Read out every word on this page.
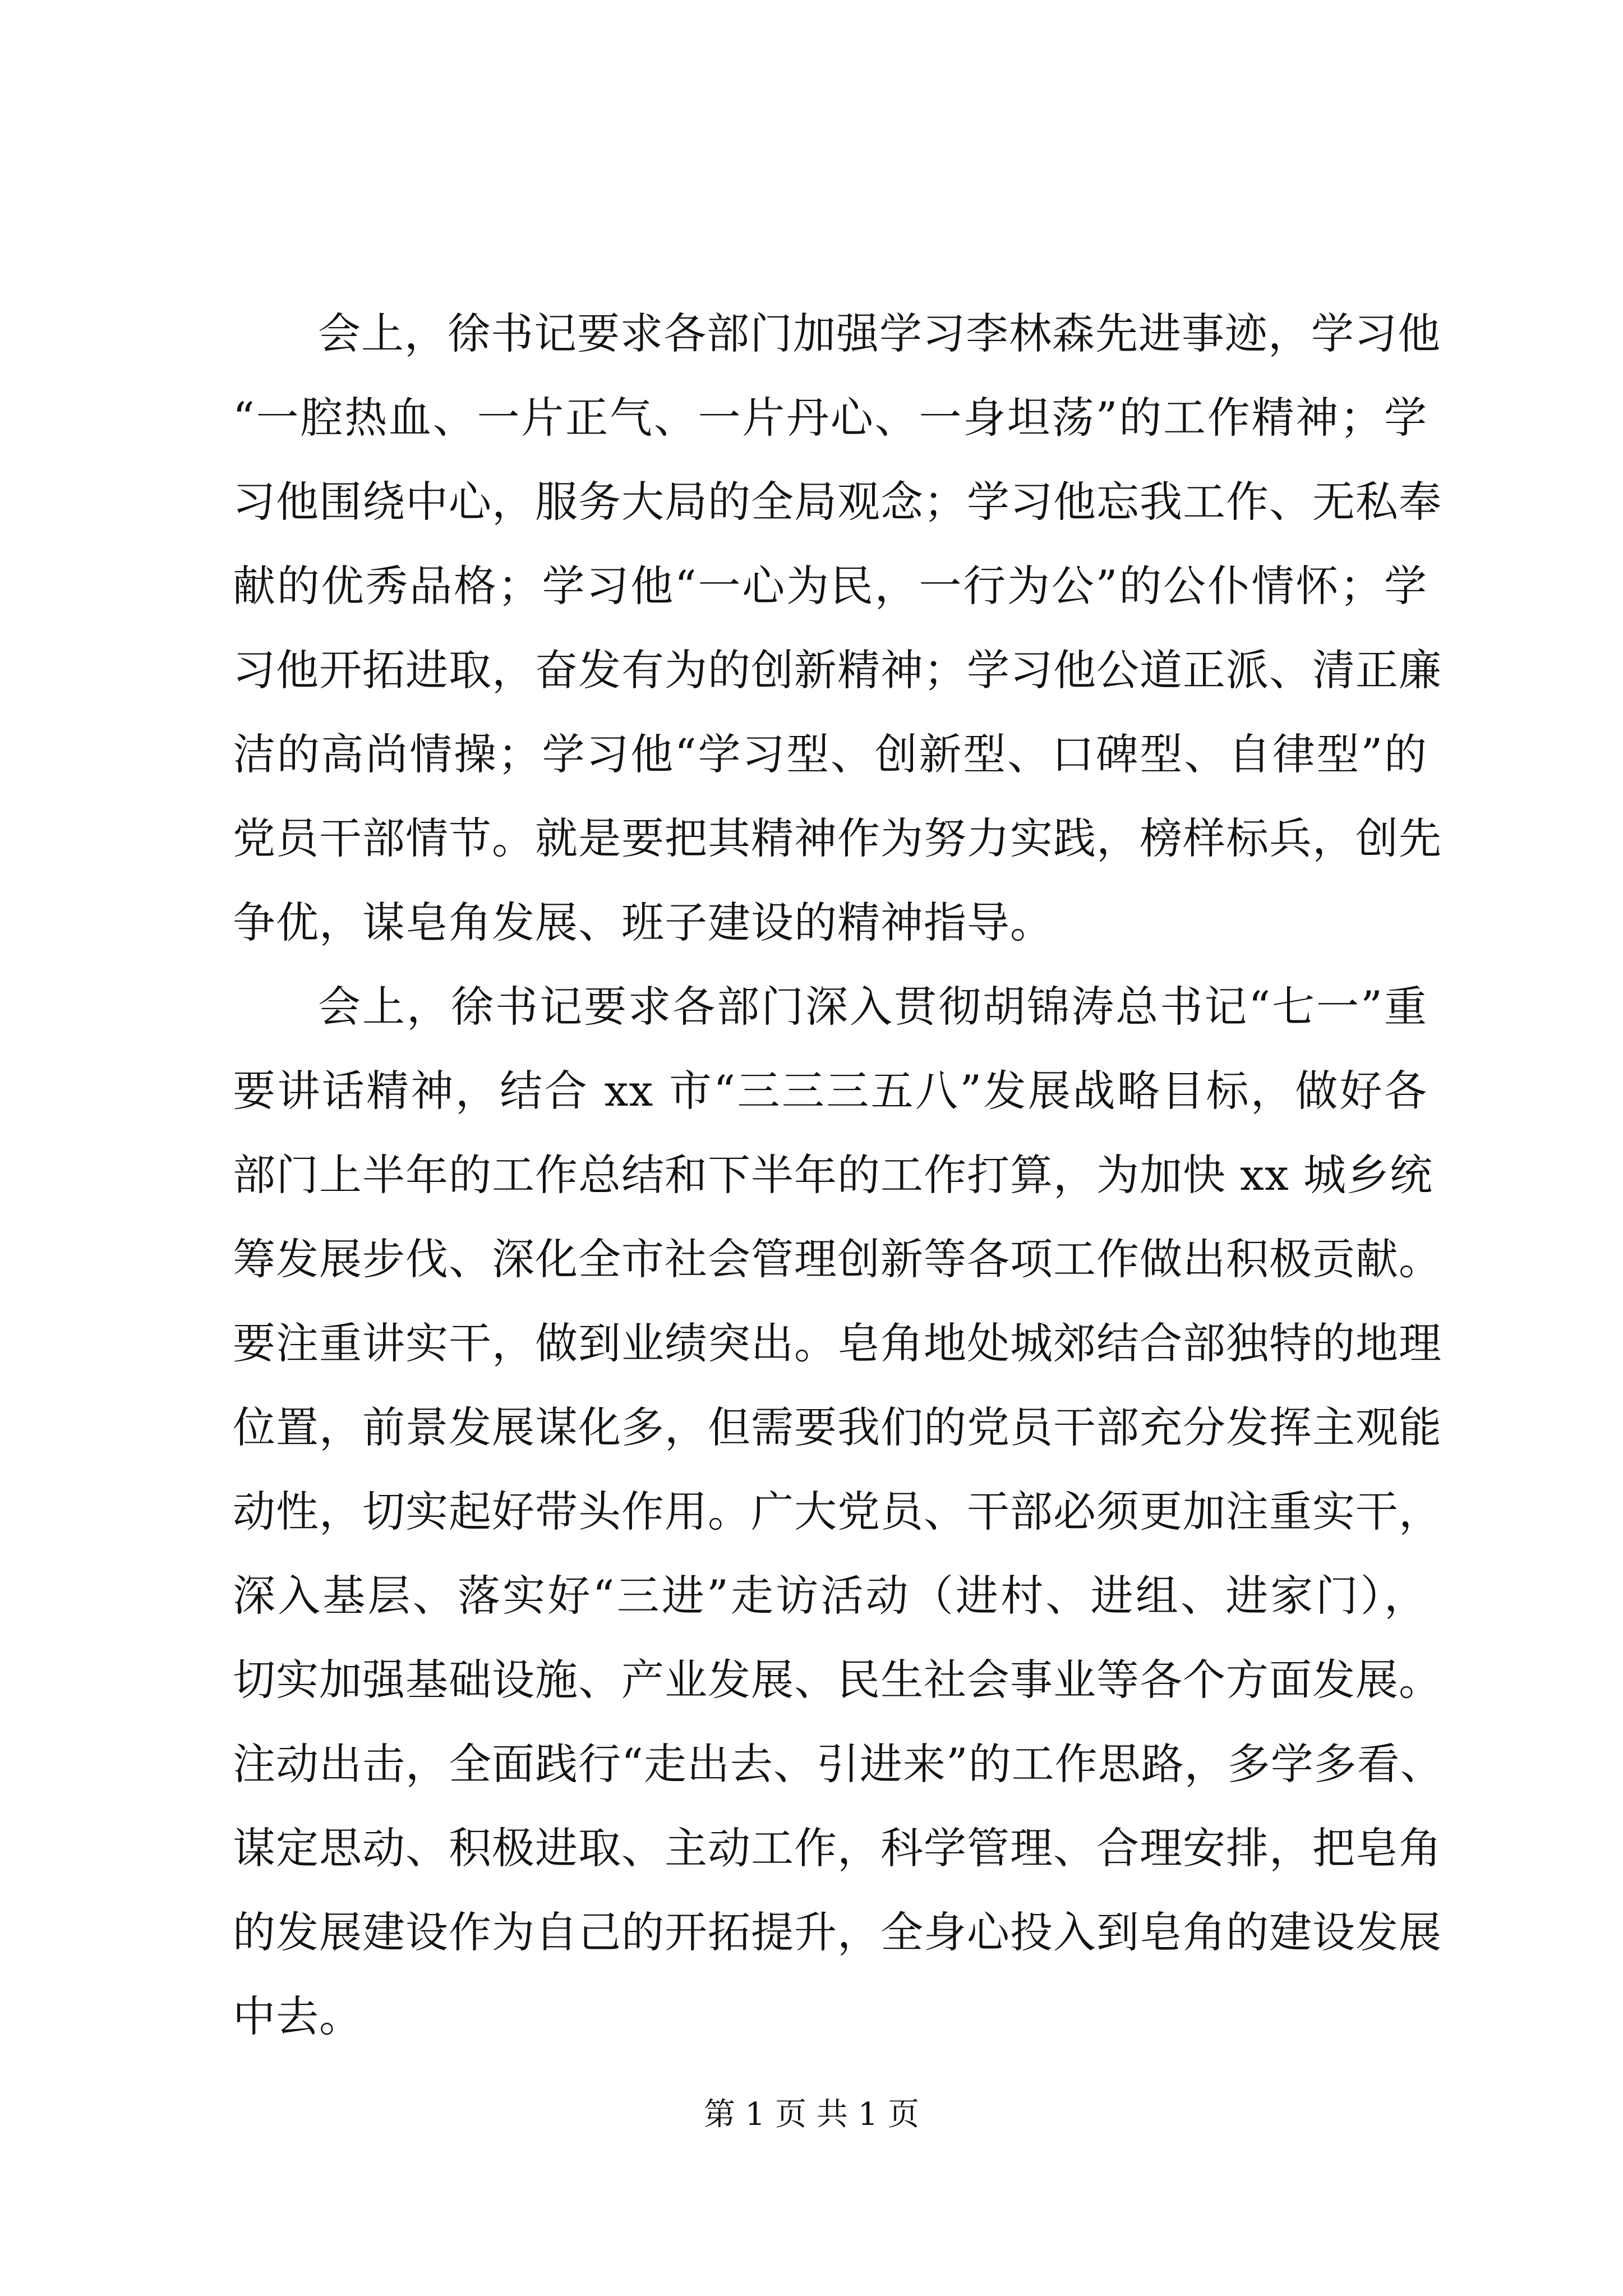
会上，徐书记要求各部门加强学习李林森先进事迹，学习他
“一腔热血、一片正气、一片丹心、一身坦荡”的工作精神；学
习他围绕中心，服务大局的全局观念；学习他忘我工作、无私奉
献的优秀品格；学习他“一心为民，一行为公”的公仆情怀；学
习他开拓进取，奋发有为的创新精神；学习他公道正派、清正廉
洁的高尚情操；学习他“学习型、创新型、口碑型、自律型”的
党员干部情节。就是要把其精神作为努力实践，榜样标兵，创先
争优，谋皂角发展、班子建设的精神指导。
会上，徐书记要求各部门深入贯彻胡锦涛总书记“七一”重
要讲话精神，结合 xx 市“三三三五八”发展战略目标，做好各
部门上半年的工作总结和下半年的工作打算，为加快 xx 城乡统
筹发展步伐、深化全市社会管理创新等各项工作做出积极贡献。
要注重讲实干，做到业绩突出。皂角地处城郊结合部独特的地理
位置，前景发展谋化多，但需要我们的党员干部充分发挥主观能
动性，切实起好带头作用。广大党员、干部必须更加注重实干，
深入基层、落实好“三进”走访活动（进村、进组、进家门），
切实加强基础设施、产业发展、民生社会事业等各个方面发展。
注动出击，全面践行“走出去、引进来”的工作思路，多学多看、
谋定思动、积极进取、主动工作，科学管理、合理安排，把皂角
的发展建设作为自己的开拓提升，全身心投入到皂角的建设发展
中去。
第 1 页 共 1 页
